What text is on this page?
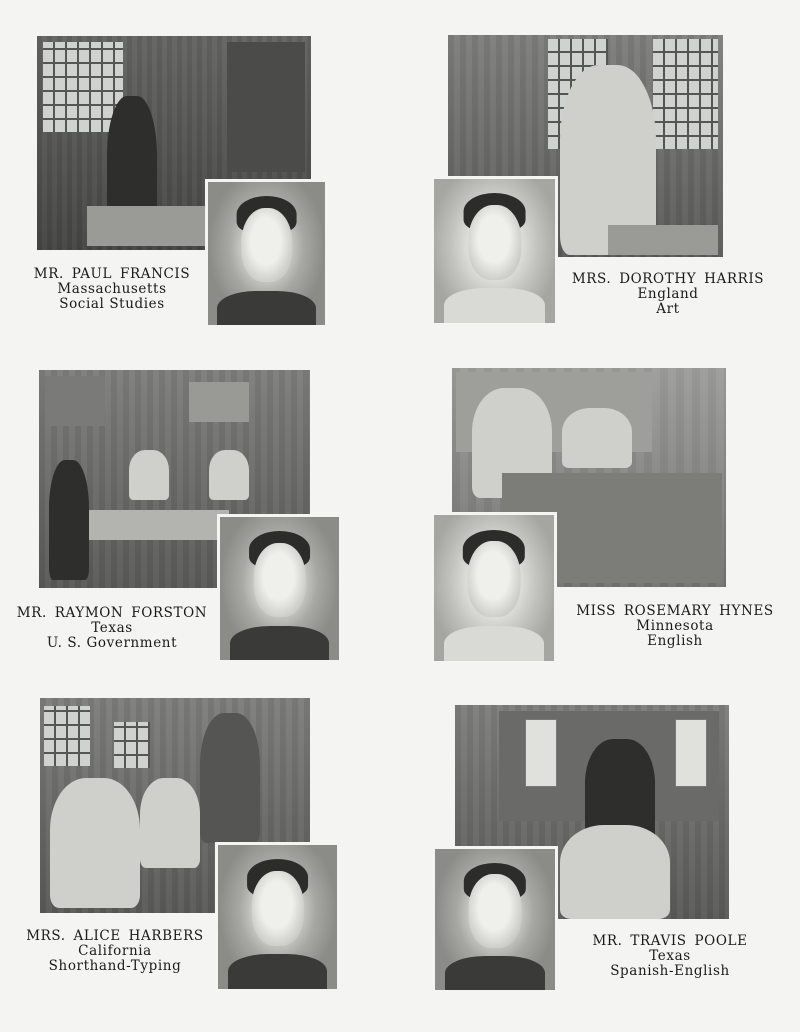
MR. PAUL FRANCIS
Massachusetts
Social Studies
MRS. DOROTHY HARRIS
England
Art
MR. RAYMON FORSTON
Texas
U. S. Government
MISS ROSEMARY HYNES
Minnesota
English
MRS. ALICE HARBERS
California
Shorthand-Typing
MR. TRAVIS POOLE
Texas
Spanish-English
